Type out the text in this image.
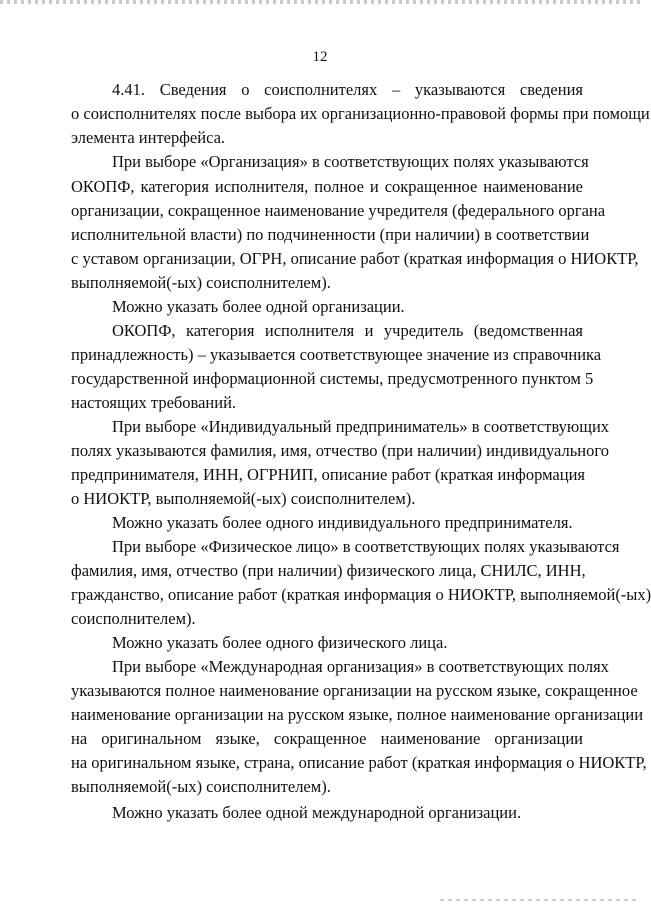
12
4.41. Сведения о соисполнителях – указываются сведения
о соисполнителях после выбора их организационно-правовой формы при помощи
элемента интерфейса.
При выборе «Организация» в соответствующих полях указываются
ОКОПФ, категория исполнителя, полное и сокращенное наименование
организации, сокращенное наименование учредителя (федерального органа
исполнительной власти) по подчиненности (при наличии) в соответствии
с уставом организации, ОГРН, описание работ (краткая информация о НИОКТР,
выполняемой(-ых) соисполнителем).
Можно указать более одной организации.
ОКОПФ, категория исполнителя и учредитель (ведомственная
принадлежность) – указывается соответствующее значение из справочника
государственной информационной системы, предусмотренного пунктом 5
настоящих требований.
При выборе «Индивидуальный предприниматель» в соответствующих
полях указываются фамилия, имя, отчество (при наличии) индивидуального
предпринимателя, ИНН, ОГРНИП, описание работ (краткая информация
о НИОКТР, выполняемой(-ых) соисполнителем).
Можно указать более одного индивидуального предпринимателя.
При выборе «Физическое лицо» в соответствующих полях указываются
фамилия, имя, отчество (при наличии) физического лица, СНИЛС, ИНН,
гражданство, описание работ (краткая информация о НИОКТР, выполняемой(-ых)
соисполнителем).
Можно указать более одного физического лица.
При выборе «Международная организация» в соответствующих полях
указываются полное наименование организации на русском языке, сокращенное
наименование организации на русском языке, полное наименование организации
на оригинальном языке, сокращенное наименование организации
на оригинальном языке, страна, описание работ (краткая информация о НИОКТР,
выполняемой(-ых) соисполнителем).
Можно указать более одной международной организации.
